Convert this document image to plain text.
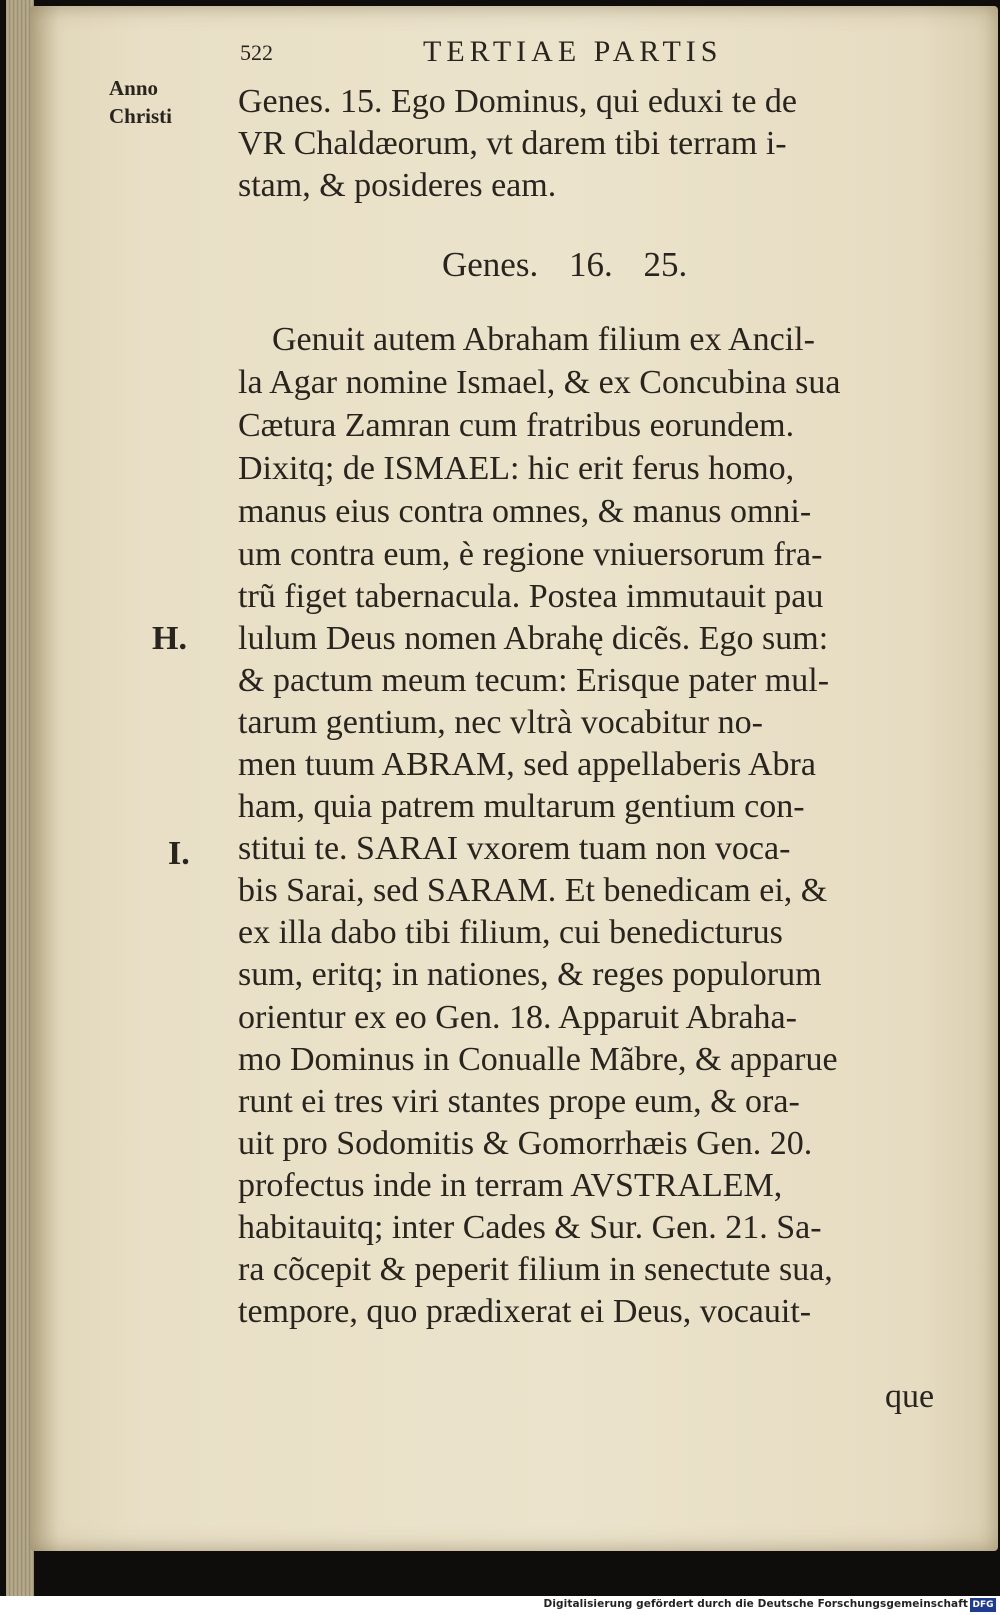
522	TERTIAE PARTIS
Anno
Christi	Genes. 15. Ego Dominus, qui eduxi te de
VR Chaldæorum, vt darem tibi terram i-
stam, & posideres eam.
Genes. 16. 25.
Genuit autem Abraham filium ex Ancil-
la Agar nomine Ismael, & ex Concubina sua
Cætura Zamran cum fratribus eorundem.
Dixitq; de ISMAEL: hic erit ferus homo,
manus eius contra omnes, & manus omni-
um contra eum, è regione vniuersorum fra-
trũ figet tabernacula. Postea immutauit pau
lulum Deus nomen Abrahę dicẽs. Ego sum:
& pactum meum tecum: Erisque pater mul-
tarum gentium, nec vltrà vocabitur no-
men tuum ABRAM, sed appellaberis Abra
ham, quia patrem multarum gentium con-
stitui te. SARAI vxorem tuam non voca-
bis Sarai, sed SARAM. Et benedicam ei, &
ex illa dabo tibi filium, cui benedicturus
sum, eritq; in nationes, & reges populorum
orientur ex eo Gen. 18. Apparuit Abraha-
mo Dominus in Conualle Mãbre, & apparue
runt ei tres viri stantes prope eum, & ora-
uit pro Sodomitis & Gomorrhæis Gen. 20.
profectus inde in terram AVSTRALEM,
habitauitq; inter Cades & Sur. Gen. 21. Sa-
ra cõcepit & peperit filium in senectute sua,
tempore, quo prædixerat ei Deus, vocauit-
H.
I.
que
Digitalisierung gefördert durch die Deutsche Forschungsgemeinschaft DFG
